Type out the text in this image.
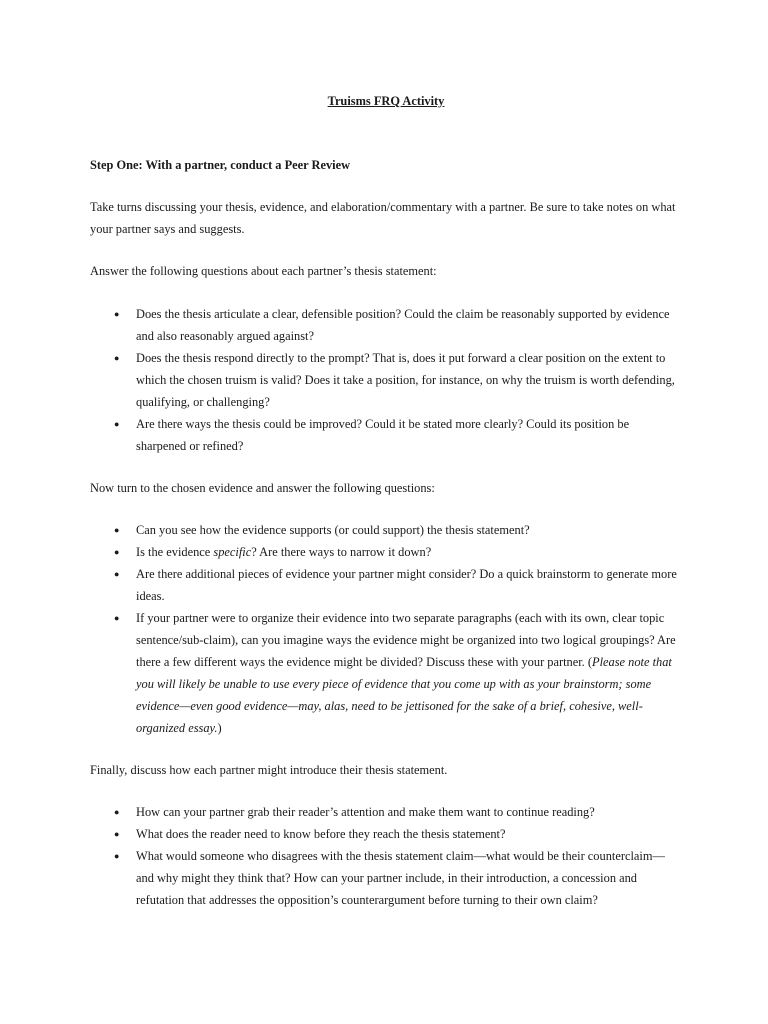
Truisms FRQ Activity

Step One: With a partner, conduct a Peer Review

Take turns discussing your thesis, evidence, and elaboration/commentary with a partner. Be sure to take notes on what your partner says and suggests.

Answer the following questions about each partner’s thesis statement:

● Does the thesis articulate a clear, defensible position? Could the claim be reasonably supported by evidence and also reasonably argued against?
● Does the thesis respond directly to the prompt? That is, does it put forward a clear position on the extent to which the chosen truism is valid? Does it take a position, for instance, on why the truism is worth defending, qualifying, or challenging?
● Are there ways the thesis could be improved? Could it be stated more clearly? Could its position be sharpened or refined?

Now turn to the chosen evidence and answer the following questions:

● Can you see how the evidence supports (or could support) the thesis statement?
● Is the evidence specific? Are there ways to narrow it down?
● Are there additional pieces of evidence your partner might consider? Do a quick brainstorm to generate more ideas.
● If your partner were to organize their evidence into two separate paragraphs (each with its own, clear topic sentence/sub-claim), can you imagine ways the evidence might be organized into two logical groupings? Are there a few different ways the evidence might be divided? Discuss these with your partner. (Please note that you will likely be unable to use every piece of evidence that you come up with as your brainstorm; some evidence—even good evidence—may, alas, need to be jettisoned for the sake of a brief, cohesive, well-organized essay.)

Finally, discuss how each partner might introduce their thesis statement.

● How can your partner grab their reader’s attention and make them want to continue reading?
● What does the reader need to know before they reach the thesis statement?
● What would someone who disagrees with the thesis statement claim—what would be their counterclaim—and why might they think that? How can your partner include, in their introduction, a concession and refutation that addresses the opposition’s counterargument before turning to their own claim?
